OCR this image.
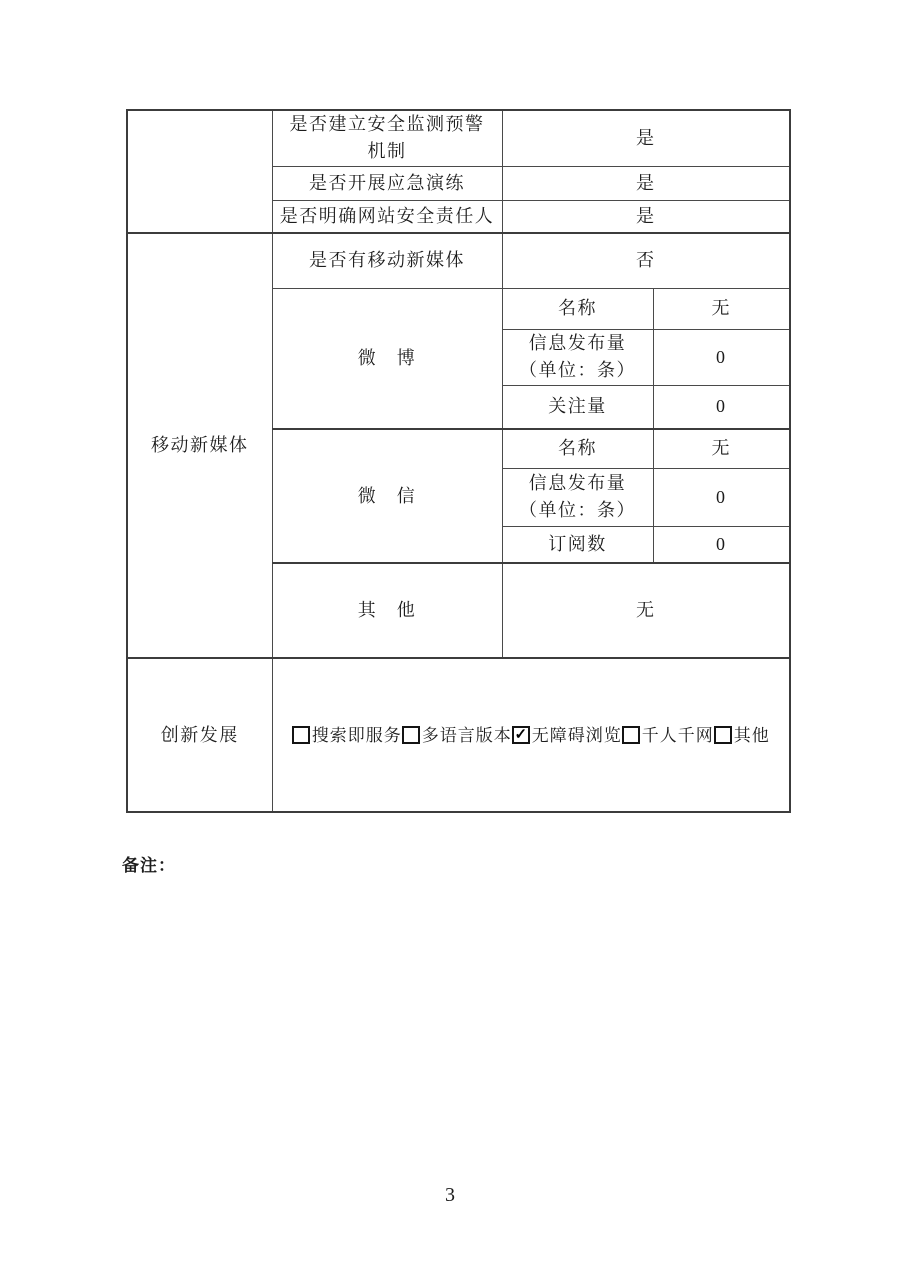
	是否建立安全监测预警
机制	是	
	是否开展应急演练	是	
	是否明确网站安全责任人	是	
移动新媒体	是否有移动新媒体	否	
	微　博	名称	无

		信息发布量
（单位：条）	0
		关注量	0
	微　信	名称	无

		信息发布量
（单位：条）	0
		订阅数	0
	其　他	无	
创新发展	搜索即服务 多语言版本 ✓ 无障碍浏览 千人千网 其他
备注：
3
